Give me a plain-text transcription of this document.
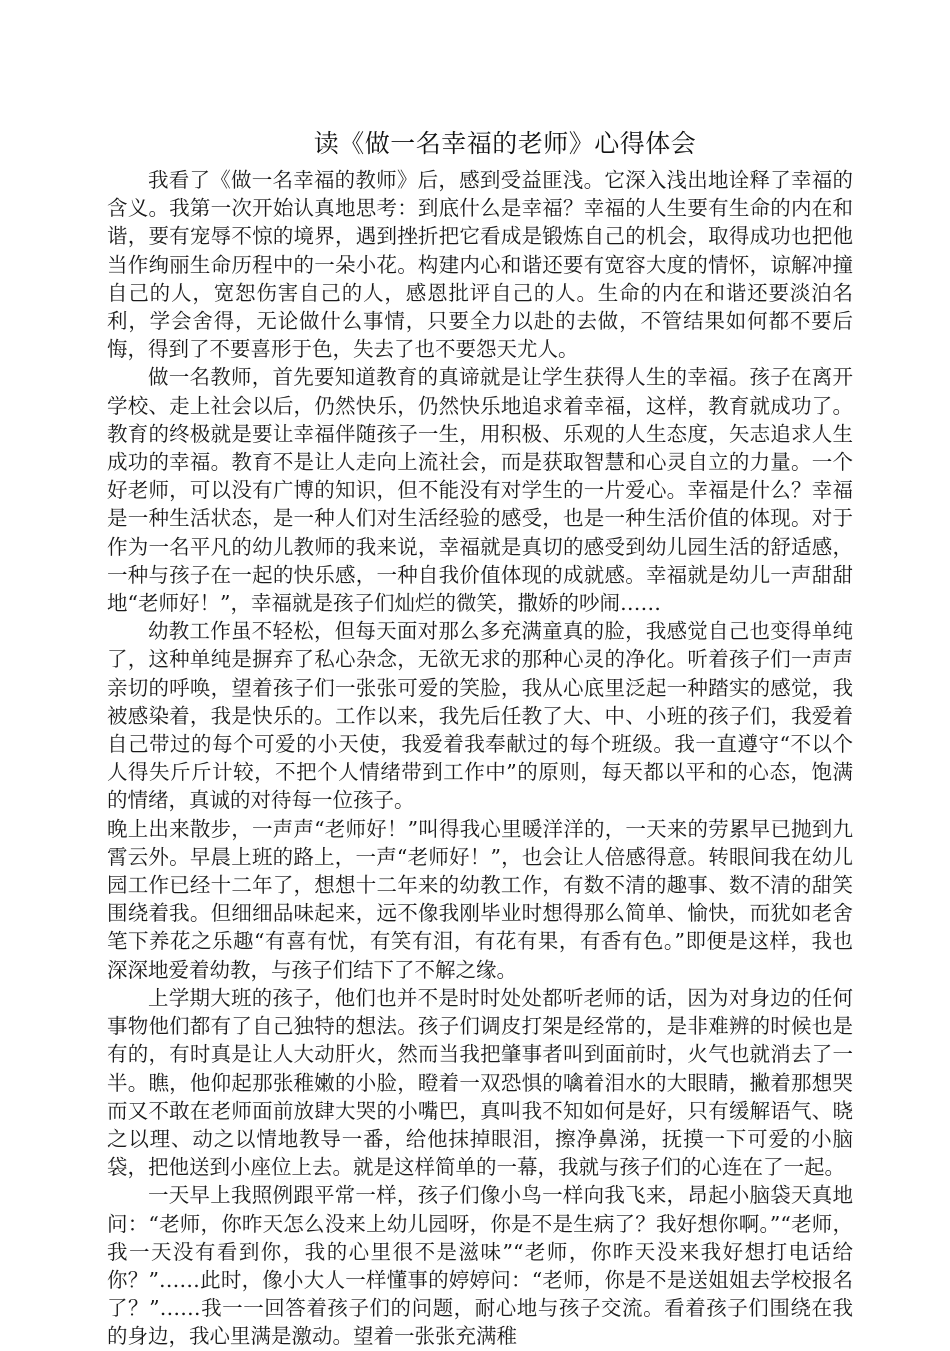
读《做一名幸福的老师》心得体会

我看了《做一名幸福的教师》后，感到受益匪浅。它深入浅出地诠释了幸福的含义。我第一次开始认真地思考：到底什么是幸福？幸福的人生要有生命的内在和谐，要有宠辱不惊的境界，遇到挫折把它看成是锻炼自己的机会，取得成功也把他当作绚丽生命历程中的一朵小花。构建内心和谐还要有宽容大度的情怀，谅解冲撞自己的人，宽恕伤害自己的人，感恩批评自己的人。生命的内在和谐还要淡泊名利，学会舍得，无论做什么事情，只要全力以赴的去做，不管结果如何都不要后悔，得到了不要喜形于色，失去了也不要怨天尤人。

做一名教师，首先要知道教育的真谛就是让学生获得人生的幸福。孩子在离开学校、走上社会以后，仍然快乐，仍然快乐地追求着幸福，这样，教育就成功了。教育的终极就是要让幸福伴随孩子一生，用积极、乐观的人生态度，矢志追求人生成功的幸福。教育不是让人走向上流社会，而是获取智慧和心灵自立的力量。一个好老师，可以没有广博的知识，但不能没有对学生的一片爱心。幸福是什么？幸福是一种生活状态，是一种人们对生活经验的感受，也是一种生活价值的体现。对于作为一名平凡的幼儿教师的我来说，幸福就是真切的感受到幼儿园生活的舒适感，一种与孩子在一起的快乐感，一种自我价值体现的成就感。幸福就是幼儿一声甜甜地“老师好！”，幸福就是孩子们灿烂的微笑，撒娇的吵闹……

幼教工作虽不轻松，但每天面对那么多充满童真的脸，我感觉自己也变得单纯了，这种单纯是摒弃了私心杂念，无欲无求的那种心灵的净化。听着孩子们一声声亲切的呼唤，望着孩子们一张张可爱的笑脸，我从心底里泛起一种踏实的感觉，我被感染着，我是快乐的。工作以来，我先后任教了大、中、小班的孩子们，我爱着自己带过的每个可爱的小天使，我爱着我奉献过的每个班级。我一直遵守“不以个人得失斤斤计较，不把个人情绪带到工作中”的原则，每天都以平和的心态，饱满的情绪，真诚的对待每一位孩子。

晚上出来散步，一声声“老师好！”叫得我心里暖洋洋的，一天来的劳累早已抛到九霄云外。早晨上班的路上，一声“老师好！”，也会让人倍感得意。转眼间我在幼儿园工作已经十二年了，想想十二年来的幼教工作，有数不清的趣事、数不清的甜笑围绕着我。但细细品味起来，远不像我刚毕业时想得那么简单、愉快，而犹如老舍笔下养花之乐趣“有喜有忧，有笑有泪，有花有果，有香有色。”即便是这样，我也深深地爱着幼教，与孩子们结下了不解之缘。

上学期大班的孩子，他们也并不是时时处处都听老师的话，因为对身边的任何事物他们都有了自己独特的想法。孩子们调皮打架是经常的，是非难辨的时候也是有的，有时真是让人大动肝火，然而当我把肇事者叫到面前时，火气也就消去了一半。瞧，他仰起那张稚嫩的小脸，瞪着一双恐惧的噙着泪水的大眼睛，撇着那想哭而又不敢在老师面前放肆大哭的小嘴巴，真叫我不知如何是好，只有缓解语气、晓之以理、动之以情地教导一番，给他抹掉眼泪，擦净鼻涕，抚摸一下可爱的小脑袋，把他送到小座位上去。就是这样简单的一幕，我就与孩子们的心连在了一起。

一天早上我照例跟平常一样，孩子们像小鸟一样向我飞来，昂起小脑袋天真地问：“老师，你昨天怎么没来上幼儿园呀，你是不是生病了？我好想你啊。”“老师，我一天没有看到你，我的心里很不是滋味”“老师，你昨天没来我好想打电话给你？”……此时，像小大人一样懂事的婷婷问：“老师，你是不是送姐姐去学校报名了？”……我一一回答着孩子们的问题，耐心地与孩子交流。看着孩子们围绕在我的身边，我心里满是激动。望着一张张充满稚
